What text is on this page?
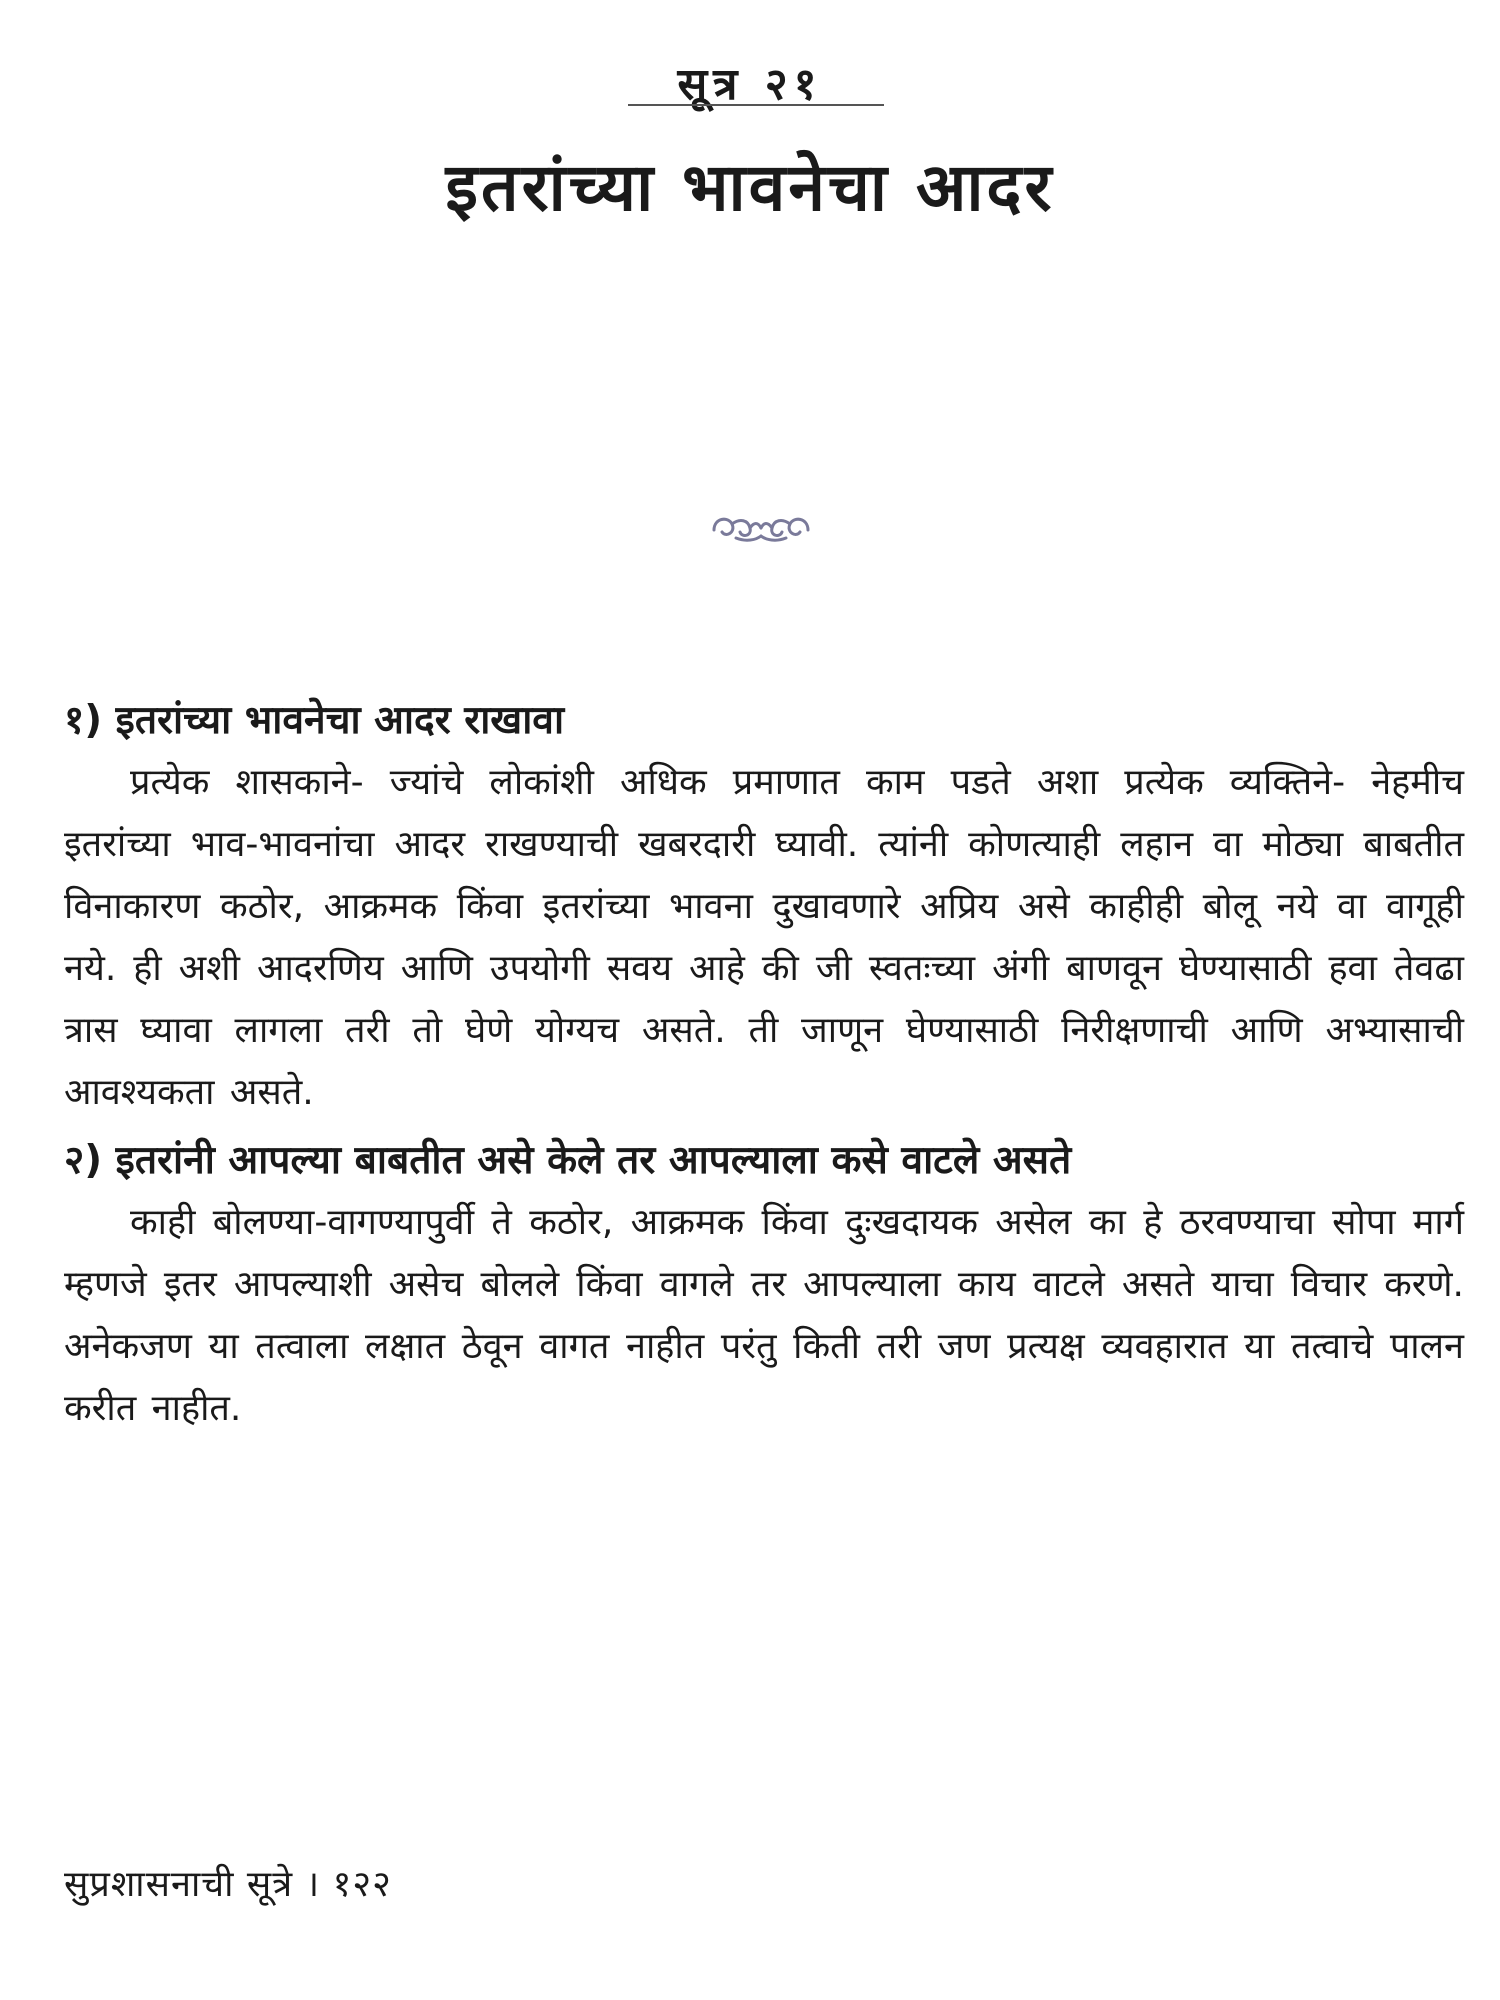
सूत्र २१
इतरांच्या भावनेचा आदर
१) इतरांच्या भावनेचा आदर राखावा

प्रत्येक शासकाने- ज्यांचे लोकांशी अधिक प्रमाणात काम पडते अशा प्रत्येक व्यक्तिने- नेहमीच इतरांच्या भाव-भावनांचा आदर राखण्याची खबरदारी घ्यावी. त्यांनी कोणत्याही लहान वा मोठ्या बाबतीत विनाकारण कठोर, आक्रमक किंवा इतरांच्या भावना दुखावणारे अप्रिय असे काहीही बोलू नये वा वागूही नये. ही अशी आदरणिय आणि उपयोगी सवय आहे की जी स्वतःच्या अंगी बाणवून घेण्यासाठी हवा तेवढा त्रास घ्यावा लागला तरी तो घेणे योग्यच असते. ती जाणून घेण्यासाठी निरीक्षणाची आणि अभ्यासाची आवश्यकता असते.

२) इतरांनी आपल्या बाबतीत असे केले तर आपल्याला कसे वाटले असते

काही बोलण्या-वागण्यापुर्वी ते कठोर, आक्रमक किंवा दुःखदायक असेल का हे ठरवण्याचा सोपा मार्ग म्हणजे इतर आपल्याशी असेच बोलले किंवा वागले तर आपल्याला काय वाटले असते याचा विचार करणे. अनेकजण या तत्वाला लक्षात ठेवून वागत नाहीत परंतु किती तरी जण प्रत्यक्ष व्यवहारात या तत्वाचे पालन करीत नाहीत.

सुप्रशासनाची सूत्रे । १२२
